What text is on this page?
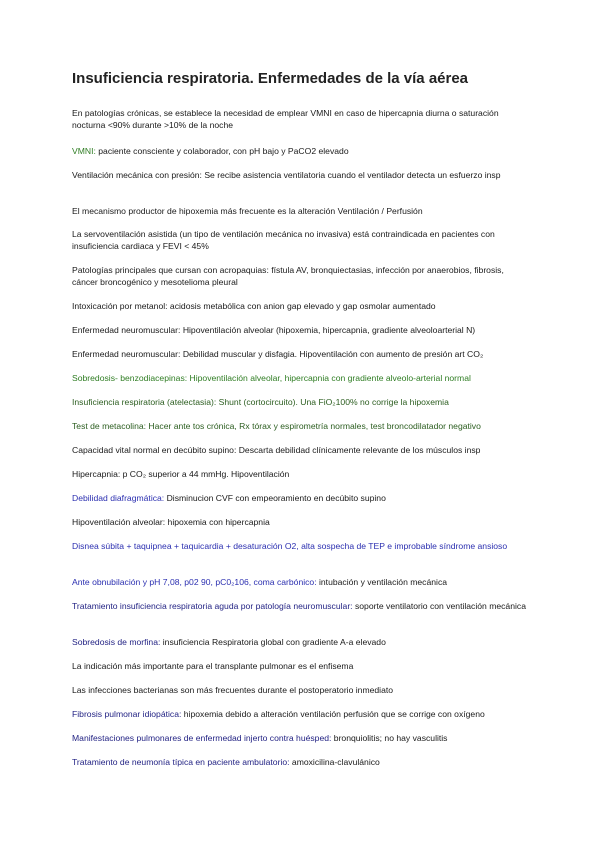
Insuficiencia respiratoria. Enfermedades de la vía aérea

En patologías crónicas, se establece la necesidad de emplear VMNI en caso de hipercapnia diurna o saturación nocturna <90% durante >10% de la noche

VMNI: paciente consciente y colaborador, con pH bajo y PaCO2 elevado

Ventilación mecánica con presión: Se recibe asistencia ventilatoria cuando el ventilador detecta un esfuerzo insp

El mecanismo productor de hipoxemia más frecuente es la alteración Ventilación / Perfusión

La servoventilación asistida (un tipo de ventilación mecánica no invasiva) está contraindicada en pacientes con insuficiencia cardiaca y FEVI < 45%

Patologías principales que cursan con acropaquias: fístula AV, bronquiectasias, infección por anaerobios, fibrosis, cáncer broncogénico y mesotelioma pleural

Intoxicación por metanol: acidosis metabólica con anion gap elevado y gap osmolar aumentado

Enfermedad neuromuscular: Hipoventilación alveolar (hipoxemia, hipercapnia, gradiente alveoloarterial N)

Enfermedad neuromuscular: Debilidad muscular y disfagia. Hipoventilación con aumento de presión art CO₂

Sobredosis- benzodiacepinas: Hipoventilación alveolar, hipercapnia con gradiente alveolo-arterial normal

Insuficiencia respiratoria (atelectasia): Shunt (cortocircuito). Una FiO₂100% no corrige la hipoxemia

Test de metacolina: Hacer ante tos crónica, Rx tórax y espirometría normales, test broncodilatador negativo

Capacidad vital normal en decúbito supino: Descarta debilidad clínicamente relevante de los músculos insp

Hipercapnia: p CO₂ superior a 44 mmHg. Hipoventilación

Debilidad diafragmática: Disminucion CVF con empeoramiento en decúbito supino

Hipoventilación alveolar: hipoxemia con hipercapnia

Disnea súbita + taquipnea + taquicardia + desaturación O2, alta sospecha de TEP e improbable síndrome ansioso

Ante obnubilación y pH 7,08, p02 90, pC0₂106, coma carbónico: intubación y ventilación mecánica

Tratamiento insuficiencia respiratoria aguda por patología neuromuscular: soporte ventilatorio con ventilación mecánica

Sobredosis de morfina: insuficiencia Respiratoria global con gradiente A-a elevado

La indicación más importante para el transplante pulmonar es el enfisema

Las infecciones bacterianas son más frecuentes durante el postoperatorio inmediato

Fibrosis pulmonar idiopática: hipoxemia debido a alteración ventilación perfusión que se corrige con oxígeno

Manifestaciones pulmonares de enfermedad injerto contra huésped: bronquiolitis; no hay vasculitis

Tratamiento de neumonía típica en paciente ambulatorio: amoxicilina-clavulánico
